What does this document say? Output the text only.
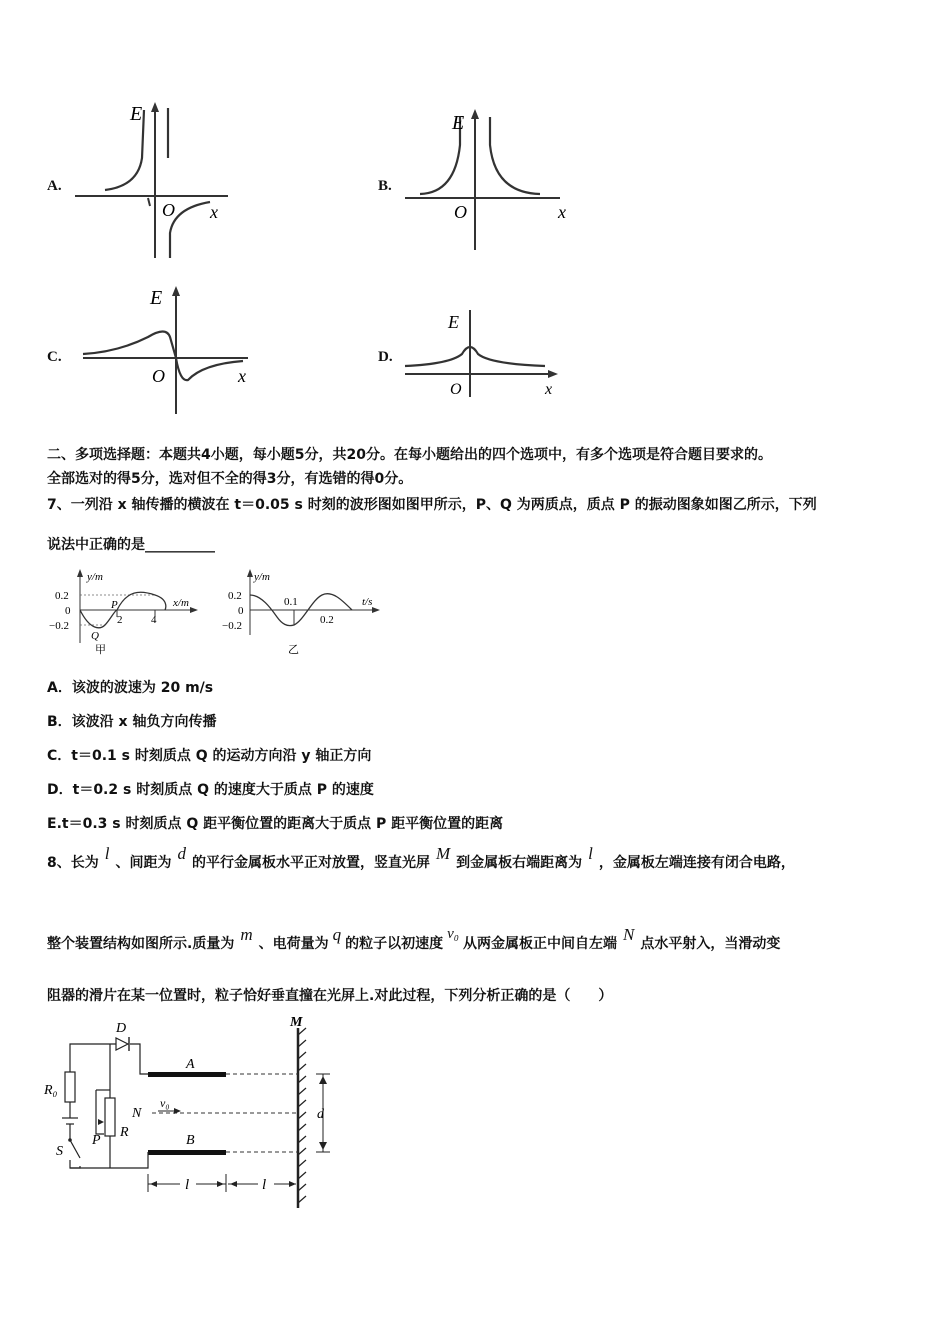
A.
E
O x
B.
E
O	x
C.
E
O	x
D.
E
O	x
二、多项选择题：本题共4小题，每小题5分，共20分。在每小题给出的四个选项中，有多个选项是符合题目要求的。
全部选对的得5分，选对但不全的得3分，有选错的得0分。
7、一列沿 x 轴传播的横波在 t＝0.05 s 时刻的波形图如图甲所示，P、Q 为两质点，质点 P 的振动图象如图乙所示，下列
说法中正确的是__________
y/m
x/m
0.2
0
−0.2	2	4
P
Q
甲
y/m
t/s
0.2
0
−0.2
0.1
0.2
乙
A．该波的波速为 20 m/s
B．该波沿 x 轴负方向传播
C．t＝0.1 s 时刻质点 Q 的运动方向沿 y 轴正方向
D．t＝0.2 s 时刻质点 Q 的速度大于质点 P 的速度
E.t＝0.3 s 时刻质点 Q 距平衡位置的距离大于质点 P 距平衡位置的距离
8、长为 l 、间距为 d 的平行金属板水平正对放置，竖直光屏 M 到金属板右端距离为 l ，金属板左端连接有闭合电路，
整个装置结构如图所示.质量为 m 、电荷量为 q 的粒子以初速度v₀从两金属板正中间自左端 N 点水平射入，当滑动变
阻器的滑片在某一位置时，粒子恰好垂直撞在光屏上.对此过程，下列分析正确的是（　　）
M
A
B
N
v₀
d
l	l
D
R₀
R
P
S
